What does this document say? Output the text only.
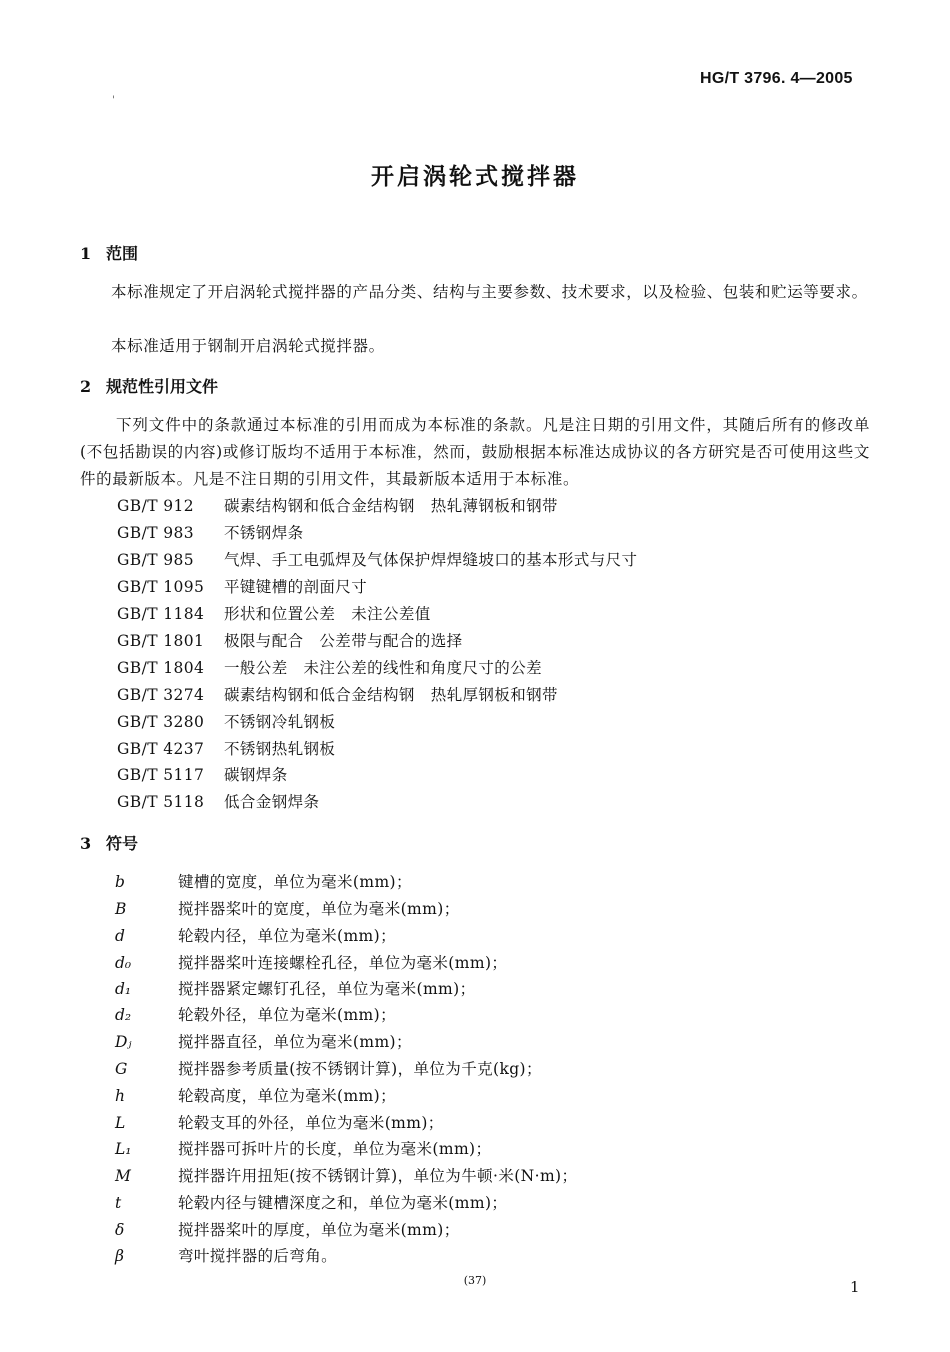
HG/T 3796. 4—2005
'
开启涡轮式搅拌器
1 范围
本标准规定了开启涡轮式搅拌器的产品分类、结构与主要参数、技术要求，以及检验、包装和贮运等要求。
本标准适用于钢制开启涡轮式搅拌器。
2 规范性引用文件
下列文件中的条款通过本标准的引用而成为本标准的条款。凡是注日期的引用文件，其随后所有的修改单(不包括勘误的内容)或修订版均不适用于本标准，然而，鼓励根据本标准达成协议的各方研究是否可使用这些文件的最新版本。凡是不注日期的引用文件，其最新版本适用于本标准。
GB/T 912 碳素结构钢和低合金结构钢　热轧薄钢板和钢带
GB/T 983 不锈钢焊条
GB/T 985 气焊、手工电弧焊及气体保护焊焊缝坡口的基本形式与尺寸
GB/T 1095 平键键槽的剖面尺寸
GB/T 1184 形状和位置公差　未注公差值
GB/T 1801 极限与配合　公差带与配合的选择
GB/T 1804 一般公差　未注公差的线性和角度尺寸的公差
GB/T 3274 碳素结构钢和低合金结构钢　热轧厚钢板和钢带
GB/T 3280 不锈钢冷轧钢板
GB/T 4237 不锈钢热轧钢板
GB/T 5117 碳钢焊条
GB/T 5118 低合金钢焊条
3 符号
b	键槽的宽度，单位为毫米(mm)；
B	搅拌器桨叶的宽度，单位为毫米(mm)；
d	轮毂内径，单位为毫米(mm)；
d₀	搅拌器桨叶连接螺栓孔径，单位为毫米(mm)；
d₁	搅拌器紧定螺钉孔径，单位为毫米(mm)；
d₂	轮毂外径，单位为毫米(mm)；
Dⱼ	搅拌器直径，单位为毫米(mm)；
G	搅拌器参考质量(按不锈钢计算)，单位为千克(kg)；
h	轮毂高度，单位为毫米(mm)；
L	轮毂支耳的外径，单位为毫米(mm)；
L₁	搅拌器可拆叶片的长度，单位为毫米(mm)；
M	搅拌器许用扭矩(按不锈钢计算)，单位为牛顿·米(N·m)；
t	轮毂内径与键槽深度之和，单位为毫米(mm)；
δ	搅拌器桨叶的厚度，单位为毫米(mm)；
β	弯叶搅拌器的后弯角。
(37)	1
